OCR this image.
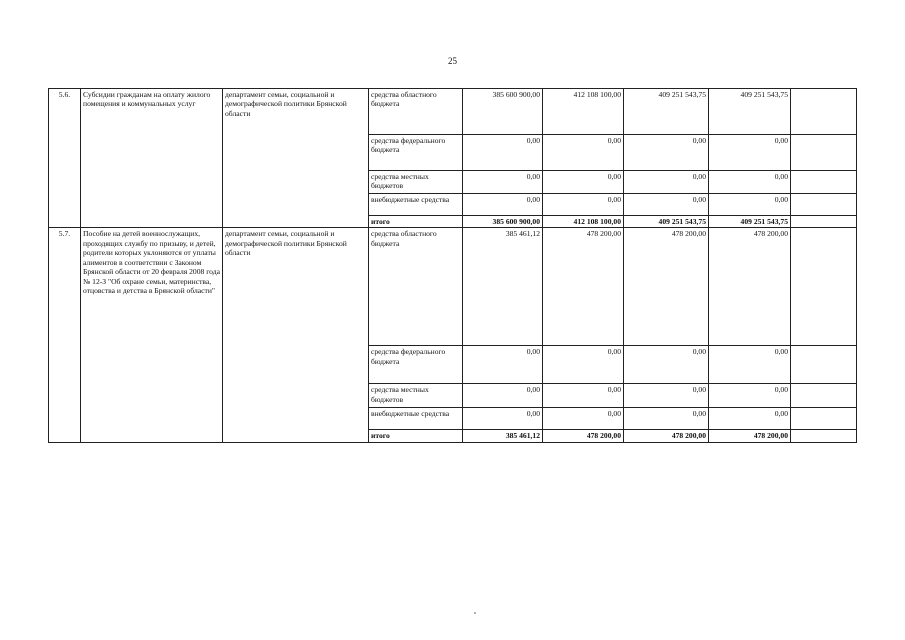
25
5.6.	Субсидии гражданам на оплату жилого помещения и коммунальных услуг	департамент семьи, социальной и демографической политики Брянской области	средства областного бюджета	385 600 900,00	412 108 100,00	409 251 543,75	409 251 543,75	
			средства федерального бюджета	0,00	0,00	0,00	0,00	
			средства местных бюджетов	0,00	0,00	0,00	0,00	
			внебюджетные средства	0,00	0,00	0,00	0,00	
			итого	385 600 900,00	412 108 100,00	409 251 543,75	409 251 543,75	
5.7.	Пособие на детей военнослужащих, проходящих службу по призыву, и детей, родители которых уклоняются от уплаты алиментов в соответствии с Законом Брянской области от 20 февраля 2008 года № 12-З "Об охране семьи, материнства, отцовства и детства в Брянской области"	департамент семьи, социальной и демографической политики Брянской области	средства областного бюджета	385 461,12	478 200,00	478 200,00	478 200,00	
			средства федерального бюджета	0,00	0,00	0,00	0,00	
			средства местных бюджетов	0,00	0,00	0,00	0,00	
			внебюджетные средства	0,00	0,00	0,00	0,00	
			итого	385 461,12	478 200,00	478 200,00	478 200,00	
